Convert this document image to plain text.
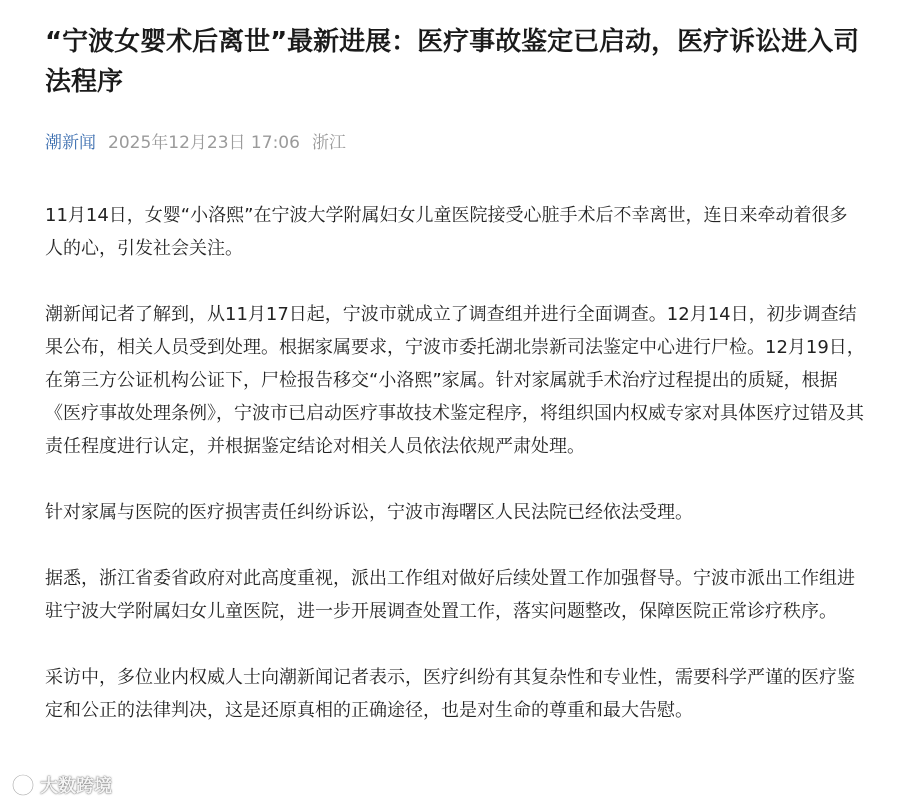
“宁波女婴术后离世”最新进展：医疗事故鉴定已启动，医疗诉讼进入司法程序
潮新闻 2025年12月23日 17:06 浙江

11月14日，女婴“小洛熙”在宁波大学附属妇女儿童医院接受心脏手术后不幸离世，连日来牵动着很多人的心，引发社会关注。

潮新闻记者了解到，从11月17日起，宁波市就成立了调查组并进行全面调查。12月14日，初步调查结果公布，相关人员受到处理。根据家属要求，宁波市委托湖北崇新司法鉴定中心进行尸检。12月19日，在第三方公证机构公证下，尸检报告移交“小洛熙”家属。针对家属就手术治疗过程提出的质疑，根据《医疗事故处理条例》，宁波市已启动医疗事故技术鉴定程序，将组织国内权威专家对具体医疗过错及其责任程度进行认定，并根据鉴定结论对相关人员依法依规严肃处理。

针对家属与医院的医疗损害责任纠纷诉讼，宁波市海曙区人民法院已经依法受理。

据悉，浙江省委省政府对此高度重视，派出工作组对做好后续处置工作加强督导。宁波市派出工作组进驻宁波大学附属妇女儿童医院，进一步开展调查处置工作，落实问题整改，保障医院正常诊疗秩序。

采访中，多位业内权威人士向潮新闻记者表示，医疗纠纷有其复杂性和专业性，需要科学严谨的医疗鉴定和公正的法律判决，这是还原真相的正确途径，也是对生命的尊重和最大告慰。

大数跨境
